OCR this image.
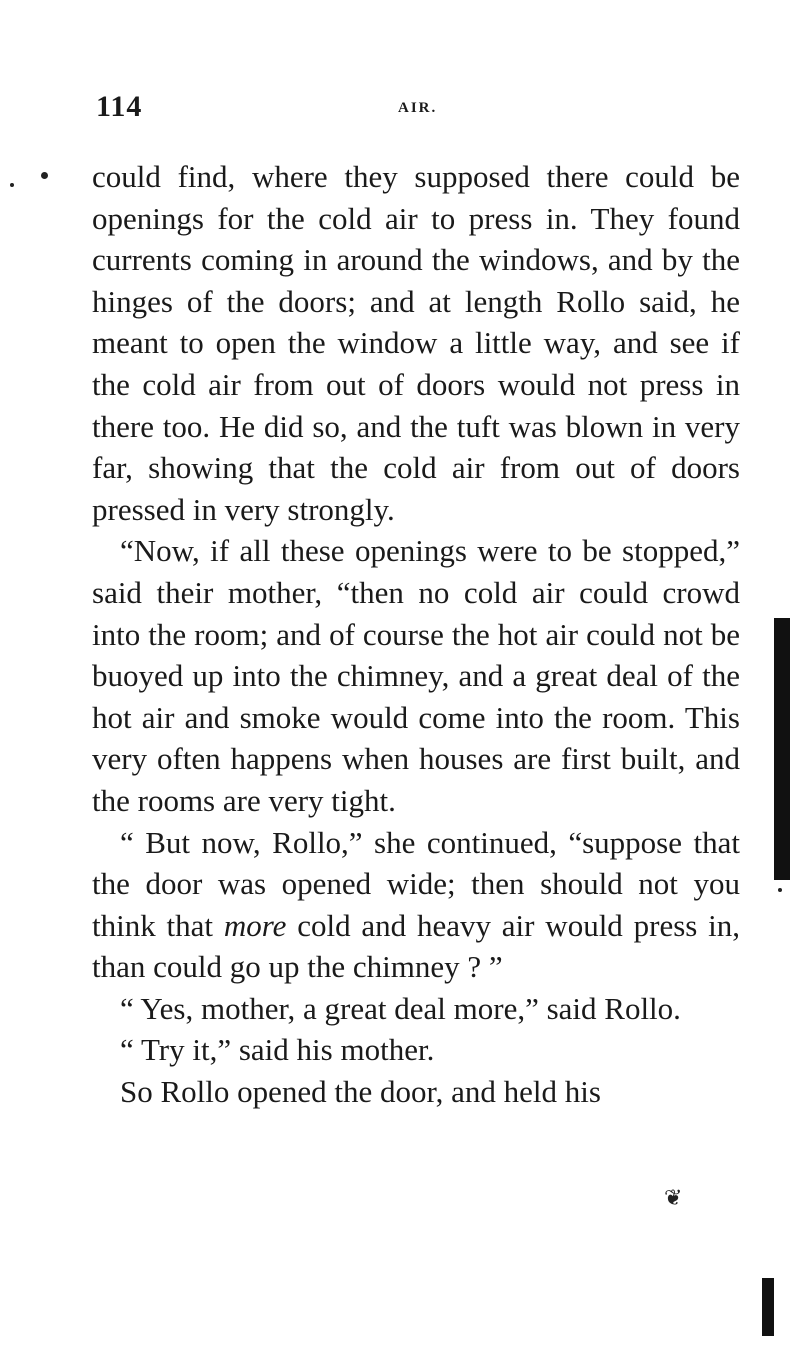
114	AIR.
❦

could find, where they supposed there could be openings for the cold air to press in. They found currents coming in around the windows, and by the hinges of the doors; and at length Rollo said, he meant to open the window a little way, and see if the cold air from out of doors would not press in there too. He did so, and the tuft was blown in very far, showing that the cold air from out of doors pressed in very strongly.

“Now, if all these openings were to be stopped,” said their mother, “then no cold air could crowd into the room; and of course the hot air could not be buoyed up into the chimney, and a great deal of the hot air and smoke would come into the room. This very often happens when houses are first built, and the rooms are very tight.

“ But now, Rollo,” she continued, “suppose that the door was opened wide; then should not you think that more cold and heavy air would press in, than could go up the chimney ? ”

“ Yes, mother, a great deal more,” said Rollo.

“ Try it,” said his mother.

So Rollo opened the door, and held his
